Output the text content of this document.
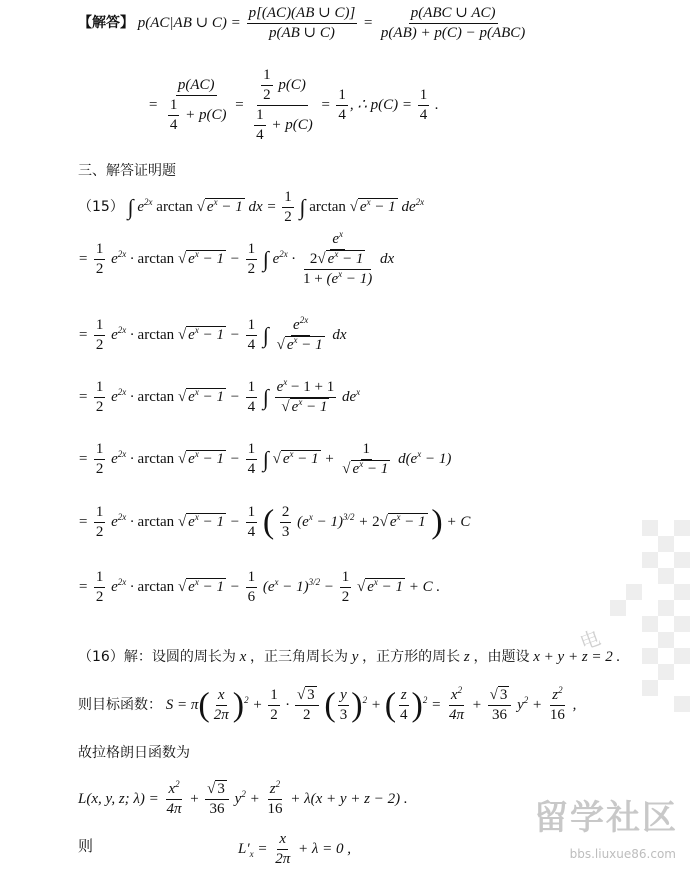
【解答】 p(AC|AB ∪ $C) = \frac{p[(AC)(AB \cup C)]}{p(AB \cup C)} = \frac{\text{p(ABC ∪ AC)}}{\text{p(AB) + p(C) − p(ABC)}}$
= $\frac{p(AC)}{\frac{1}{4} + p(C)} = \frac{\frac{1}{2} p(C)}{\frac{1}{4} + p(C)} = \frac{1}{4}$ , ∴ $p(C) = \frac{1}{4}$ .
三、解答证明题
（15） ∫ $e^{2x}$ arctan √ $e^x - 1$ dx = $\frac{1}{2}$ ∫ arctan √ $e^x - 1$ $de^{2x}$
= $\frac{1}{2} e^{2x} \cdot \arctan$ √ $e^x - 1 - \frac{1}{2}$ ∫ $e^{2x} \cdot \frac{\frac{e^x}{2√ e^x - 1}}{1 + (e^x - 1)}$ dx
= $\frac{1}{2} e^{2x} \cdot \arctan$ √ $e^x - 1 - \frac{1}{4}$ ∫ $\frac{e^{2x}}{√ e^x - 1}$ dx
= $\frac{1}{2} e^{2x} \cdot \arctan$ √ $e^x - 1 - \frac{1}{4}$ ∫ $\frac{e^x - 1 + 1}{√ e^x - 1} de^x$
= $\frac{1}{2} e^{2x} \cdot \arctan$ √ $e^x - 1 - \frac{1}{4}$ ∫ √ $e^x - 1 + \frac{1}{√ e^x - 1} d(e^x - 1)$
= $\frac{1}{2} e^{2x} \cdot \arctan$ √ $e^x - 1 - \frac{1}{4}$ ( $\frac{2}{3} (e^x - 1)^{3/2} + 2√$ $e^x - 1$ ) + C
= $\frac{1}{2} e^{2x} \cdot \arctan$ √ $e^x - 1 - \frac{1}{6} (e^x - 1)^{3/2} - \frac{1}{2}$ √ $e^x - 1 + C$ .
（16）解：设圆的周长为 x ，正三角周长为 y ，正方形的周长 z ，由题设 x + y + z = 2 .
则目标函数： $S = \pi( \frac{x}{2\pi} )^2 + \frac{1}{2} \cdot \frac{√ 3}{2}$ ( $\frac{y}{3} )^2$ + ( $\frac{z}{4} )^2 = \frac{x^2}{4\pi} + \frac{√ 3}{36} y^2 + \frac{z^2}{16}$ ,
故拉格朗日函数为
L(x, y, z; $\lambda) = \frac{x^2}{4\pi} + \frac{√ 3}{36} y^2 + \frac{z^2}{16} + \lambda(x + y + z - 2)$ .
则	$L'_x = \frac{x}{2\pi} + \lambda = 0$ ,
电
留学社区
bbs.liuxue86.com
